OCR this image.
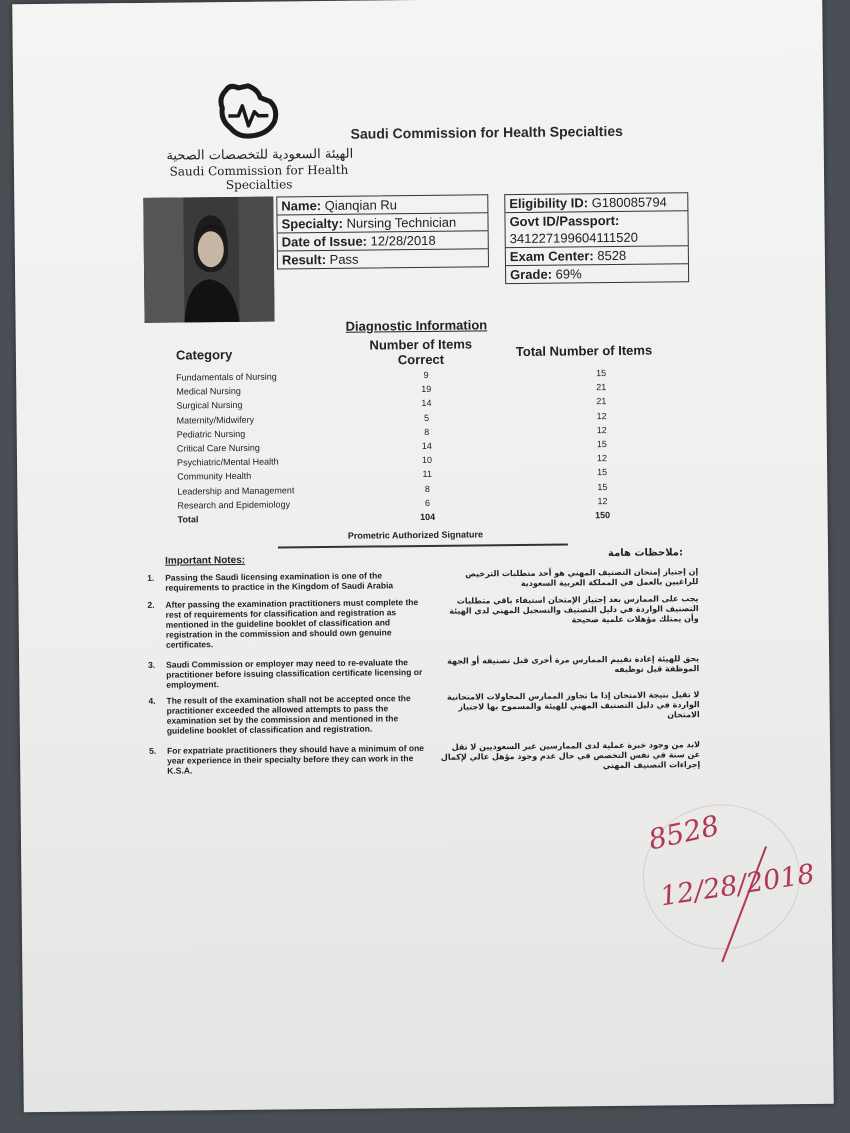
الهيئة السعودية للتخصصات الصحية
Saudi Commission for Health Specialties
Saudi Commission for Health Specialties
Name: Qianqian Ru
Specialty: Nursing Technician
Date of Issue: 12/28/2018
Result: Pass
Eligibility ID: G180085794
Govt ID/Passport:
341227199604111520
Exam Center: 8528
Grade: 69%
Diagnostic Information
Category
Number of Items
Correct
Total Number of Items
Fundamentals of Nursing	9	15
Medical Nursing	19	21
Surgical Nursing	14	21
Maternity/Midwifery	5	12
Pediatric Nursing	8	12
Critical Care Nursing	14	15
Psychiatric/Mental Health	10	12
Community Health	11	15
Leadership and Management	8	15
Research and Epidemiology	6	12
Total	104	150
Prometric Authorized Signature
Important Notes:
ملاحظات هامة:
1. Passing the Saudi licensing examination is one of the requirements to practice in the Kingdom of Saudi Arabia
إن إجتياز إمتحان التصنيف المهني هو أحد متطلبات الترخيص للراغبين بالعمل في المملكة العربية السعودية
2. After passing the examination practitioners must complete the rest of requirements for classification and registration as mentioned in the guideline booklet of classification and registration in the commission and should own genuine certificates.
يجب على الممارس بعد إجتياز الإمتحان استيفاء باقي متطلبات التصنيف الواردة في دليل التصنيف والتسجيل المهني لدى الهيئة وأن يمتلك مؤهلات علمية صحيحة
3. Saudi Commission or employer may need to re-evaluate the practitioner before issuing classification certificate licensing or employment.
يحق للهيئة إعادة تقييم الممارس مرة أخرى قبل تصنيفه أو الجهة الموظفة قبل توظيفه
4. The result of the examination shall not be accepted once the practitioner exceeded the allowed attempts to pass the examination set by the commission and mentioned in the guideline booklet of classification and registration.
لا تقبل نتيجة الامتحان إذا ما تجاوز الممارس المحاولات الامتحانية الواردة في دليل التصنيف المهني للهيئة والمسموح بها لاجتياز الامتحان
5. For expatriate practitioners they should have a minimum of one year experience in their specialty before they can work in the K.S.A.
لابد من وجود خبرة عملية لدى الممارسين غير السعوديين لا تقل عن سنة في نفس التخصص في حال عدم وجود مؤهل عالي لإكمال إجراءات التصنيف المهني
8528
12/28/2018
